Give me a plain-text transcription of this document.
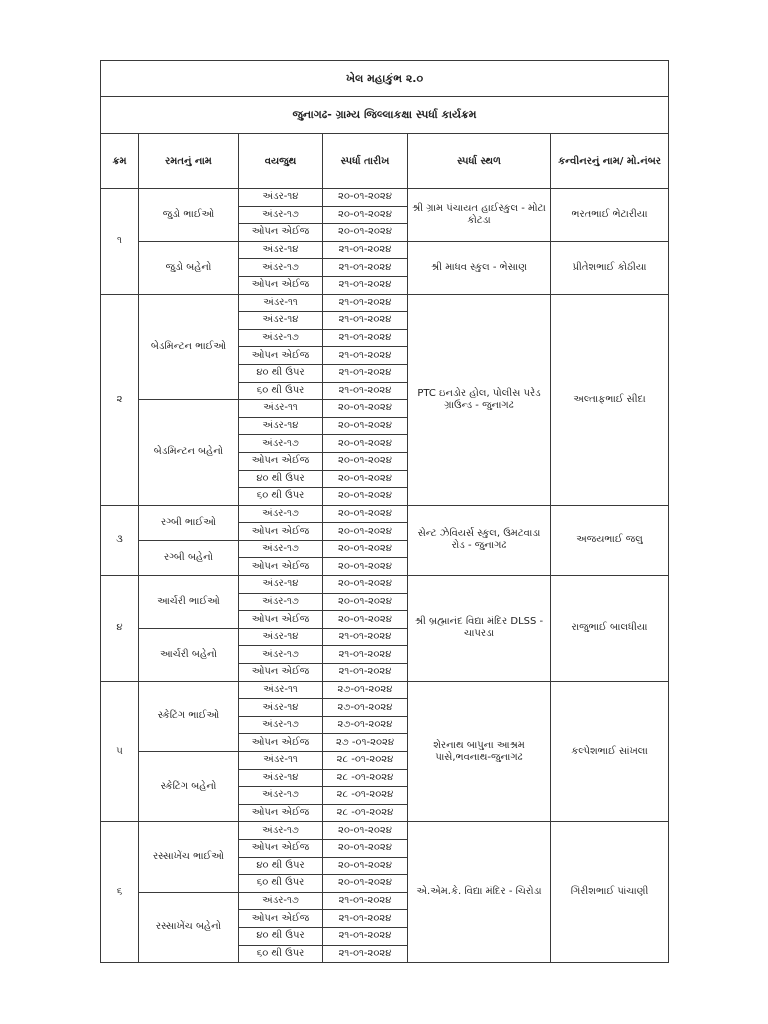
ખેલ મહાકુંભ ૨.૦					
જુનાગઢ- ગ્રામ્ય જિલ્લાકક્ષા સ્પર્ધા કાર્યક્રમ					
ક્રમ	રમતનું નામ	વયજુથ	સ્પર્ધા તારીખ	સ્પર્ધા સ્થળ	કન્વીનરનું નામ/ મો.નંબર
૧	જુડો ભાઈઓ	અંડર-૧૪	૨૦-૦૧-૨૦૨૪	શ્રી ગ્રામ પંચાયત હાઈસ્કુલ - મોટા કોટડા	ભરતભાઈ ભેટારીયા
		અંડર-૧૭	૨૦-૦૧-૨૦૨૪		
		ઓપન એઈજ	૨૦-૦૧-૨૦૨૪		
	જુડો બહેનો	અંડર-૧૪	૨૧-૦૧-૨૦૨૪	શ્રી માધવ સ્કુલ - ભેસાણ	પ્રીતેશભાઈ કોઠીયા
		અંડર-૧૭	૨૧-૦૧-૨૦૨૪		
		ઓપન એઈજ	૨૧-૦૧-૨૦૨૪		
૨	બેડમિન્ટન ભાઈઓ	અંડર-૧૧	૨૧-૦૧-૨૦૨૪	PTC ઇનડોર હોલ, પોલીસ પરેડ ગ્રાઉન્ડ - જુનાગઢ	અલ્તાફભાઈ સીદા
		અંડર-૧૪	૨૧-૦૧-૨૦૨૪		
		અંડર-૧૭	૨૧-૦૧-૨૦૨૪		
		ઓપન એઈજ	૨૧-૦૧-૨૦૨૪		
		૪૦ થી ઉપર	૨૧-૦૧-૨૦૨૪		
		૬૦ થી ઉપર	૨૧-૦૧-૨૦૨૪		
	બેડમિન્ટન બહેનો	અંડર-૧૧	૨૦-૦૧-૨૦૨૪		
		અંડર-૧૪	૨૦-૦૧-૨૦૨૪		
		અંડર-૧૭	૨૦-૦૧-૨૦૨૪		
		ઓપન એઈજ	૨૦-૦૧-૨૦૨૪		
		૪૦ થી ઉપર	૨૦-૦૧-૨૦૨૪		
		૬૦ થી ઉપર	૨૦-૦૧-૨૦૨૪		
૩	રગ્બી ભાઈઓ	અંડર-૧૭	૨૦-૦૧-૨૦૨૪	સેન્ટ ઝેવિયર્સ સ્કુલ, ઉમટવાડા રોડ - જુનાગઢ	અજયભાઈ જલુ
		ઓપન એઈજ	૨૦-૦૧-૨૦૨૪		
	રગ્બી બહેનો	અંડર-૧૭	૨૦-૦૧-૨૦૨૪		
		ઓપન એઈજ	૨૦-૦૧-૨૦૨૪		
૪	આર્ચરી ભાઈઓ	અંડર-૧૪	૨૦-૦૧-૨૦૨૪	શ્રી બ્રહ્માનંદ વિદ્યા મંદિર DLSS - ચાપરડા	રાજુભાઈ બાલધીયા
		અંડર-૧૭	૨૦-૦૧-૨૦૨૪		
		ઓપન એઈજ	૨૦-૦૧-૨૦૨૪		
	આર્ચરી બહેનો	અંડર-૧૪	૨૧-૦૧-૨૦૨૪		
		અંડર-૧૭	૨૧-૦૧-૨૦૨૪		
		ઓપન એઈજ	૨૧-૦૧-૨૦૨૪		
૫	સ્કેટિંગ ભાઈઓ	અંડર-૧૧	૨૭-૦૧-૨૦૨૪	શેરનાથ બાપુના આશ્રમ પાસે,ભવનાથ-જુનાગઢ	કલ્પેશભાઈ સાંખલા
		અંડર-૧૪	૨૭-૦૧-૨૦૨૪		
		અંડર-૧૭	૨૭-૦૧-૨૦૨૪		
		ઓપન એઈજ	૨૭ -૦૧-૨૦૨૪		
	સ્કેટિંગ બહેનો	અંડર-૧૧	૨૮ -૦૧-૨૦૨૪		
		અંડર-૧૪	૨૮ -૦૧-૨૦૨૪		
		અંડર-૧૭	૨૮ -૦૧-૨૦૨૪		
		ઓપન એઈજ	૨૮ -૦૧-૨૦૨૪		
૬	રસ્સાખેંચ ભાઈઓ	અંડર-૧૭	૨૦-૦૧-૨૦૨૪	એ.એમ.કે. વિદ્યા મંદિર - ચિરોડા	ગિરીશભાઈ પાંચાણી
		ઓપન એઈજ	૨૦-૦૧-૨૦૨૪		
		૪૦ થી ઉપર	૨૦-૦૧-૨૦૨૪		
		૬૦ થી ઉપર	૨૦-૦૧-૨૦૨૪		
	રસ્સાખેંચ બહેનો	અંડર-૧૭	૨૧-૦૧-૨૦૨૪		
		ઓપન એઈજ	૨૧-૦૧-૨૦૨૪		
		૪૦ થી ઉપર	૨૧-૦૧-૨૦૨૪		
		૬૦ થી ઉપર	૨૧-૦૧-૨૦૨૪		
